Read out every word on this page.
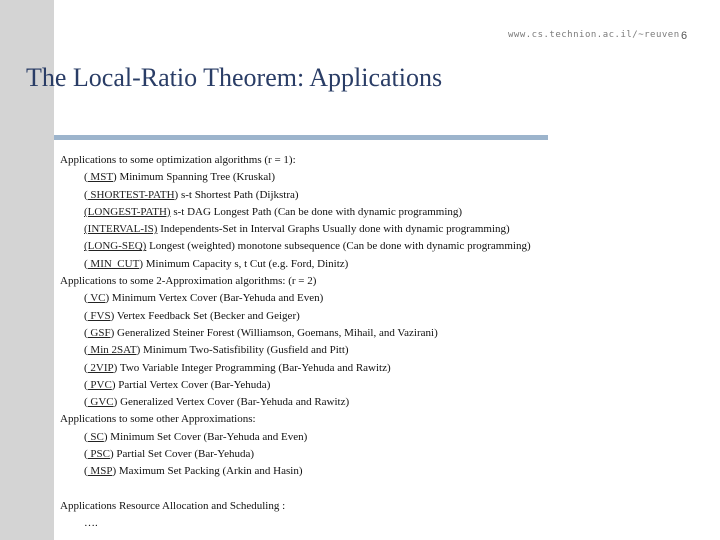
www.cs.technion.ac.il/~reuven 6
The Local-Ratio Theorem: Applications
Applications to some optimization algorithms (r = 1):
( MST) Minimum Spanning Tree (Kruskal)
( SHORTEST-PATH) s-t Shortest Path (Dijkstra)
(LONGEST-PATH) s-t DAG Longest Path (Can be done with dynamic programming)
(INTERVAL-IS) Independents-Set in Interval Graphs Usually done with dynamic programming)
(LONG-SEQ) Longest (weighted) monotone subsequence (Can be done with dynamic programming)
( MIN_CUT) Minimum Capacity s, t Cut (e.g. Ford, Dinitz)
Applications to some 2-Approximation algorithms: (r = 2)
( VC) Minimum Vertex Cover (Bar-Yehuda and Even)
( FVS) Vertex Feedback Set (Becker and Geiger)
( GSF) Generalized Steiner Forest (Williamson, Goemans, Mihail, and Vazirani)
( Min 2SAT) Minimum Two-Satisfibility (Gusfield and Pitt)
( 2VIP) Two Variable Integer Programming (Bar-Yehuda and Rawitz)
( PVC) Partial Vertex Cover (Bar-Yehuda)
( GVC) Generalized Vertex Cover (Bar-Yehuda and Rawitz)
Applications to some other Approximations:
( SC) Minimum Set Cover (Bar-Yehuda and Even)
( PSC) Partial Set Cover (Bar-Yehuda)
( MSP) Maximum Set Packing (Arkin and Hasin)
Applications Resource Allocation and Scheduling :
….
